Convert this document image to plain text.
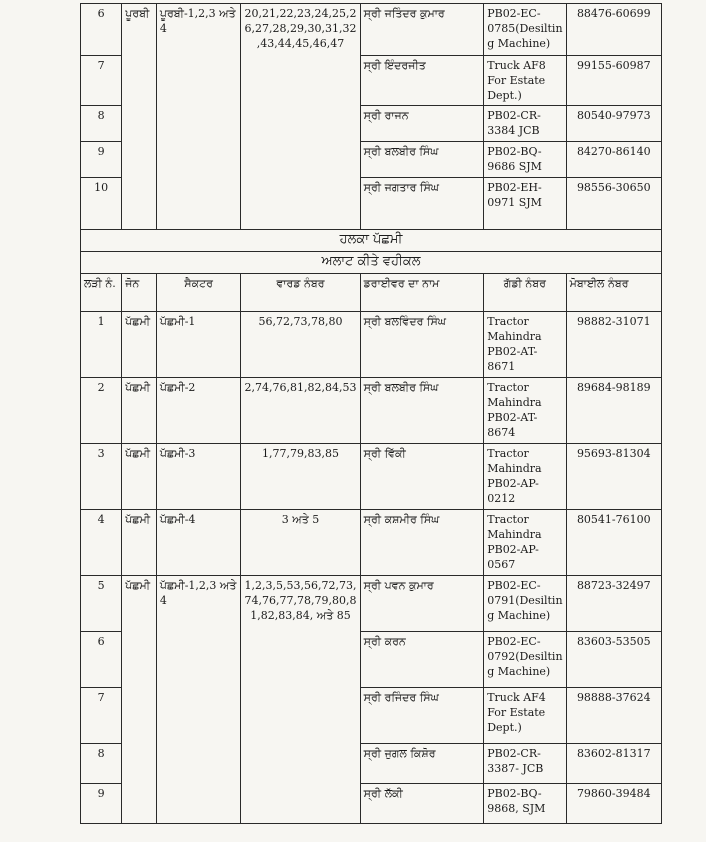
6	ਪੂਰਬੀ	ਪੂਰਬੀ-1,2,3 ਅਤੇ 4	20,21,22,23,24,25,26,27,28,29,30,31,32,43,44,45,46,47	ਸ੍ਰੀ ਜਤਿੰਦਰ ਕੁਮਾਰ	PB02-EC-0785(Desilting Machine)	88476-60699
7				ਸ੍ਰੀ ਇੰਦਰਜੀਤ	Truck AF8 For Estate Dept.)	99155-60987
8				ਸ੍ਰੀ ਰਾਜਨ	PB02-CR-3384 JCB	80540-97973
9				ਸ੍ਰੀ ਬਲਬੀਰ ਸਿੰਘ	PB02-BQ-9686 SJM	84270-86140
10				ਸ੍ਰੀ ਜਗਤਾਰ ਸਿੰਘ	PB02-EH-0971 SJM	98556-30650
ਹਲਕਾ ਪੱਛਮੀ						
ਅਲਾਟ ਕੀਤੇ ਵਹੀਕਲ						
ਲੜੀ ਨੰ.	ਜੋਨ	ਸੈਕਟਰ	ਵਾਰਡ ਨੰਬਰ	ਡਰਾਈਵਰ ਦਾ ਨਾਮ	ਗੱਡੀ ਨੰਬਰ	ਮੋਬਾਈਲ ਨੰਬਰ
1	ਪੱਛਮੀ	ਪੱਛਮੀ-1	56,72,73,78,80	ਸ੍ਰੀ ਬਲਵਿੰਦਰ ਸਿੰਘ	Tractor Mahindra PB02-AT-8671	98882-31071
2	ਪੱਛਮੀ	ਪੱਛਮੀ-2	2,74,76,81,82,84,53	ਸ੍ਰੀ ਬਲਬੀਰ ਸਿੰਘ	Tractor Mahindra PB02-AT-8674	89684-98189
3	ਪੱਛਮੀ	ਪੱਛਮੀ-3	1,77,79,83,85	ਸ੍ਰੀ ਵਿੱਕੀ	Tractor Mahindra PB02-AP-0212	95693-81304
4	ਪੱਛਮੀ	ਪੱਛਮੀ-4	3 ਅਤੇ 5	ਸ੍ਰੀ ਕਸ਼ਮੀਰ ਸਿੰਘ	Tractor Mahindra PB02-AP-0567	80541-76100
5	ਪੱਛਮੀ	ਪੱਛਮੀ-1,2,3 ਅਤੇ 4	1,2,3,5,53,56,72,73,74,76,77,78,79,80,81,82,83,84, ਅਤੇ 85	ਸ੍ਰੀ ਪਵਨ ਕੁਮਾਰ	PB02-EC-0791(Desilting Machine)	88723-32497
6				ਸ੍ਰੀ ਕਰਨ	PB02-EC-0792(Desilting Machine)	83603-53505
7				ਸ੍ਰੀ ਰਜਿੰਦਰ ਸਿੰਘ	Truck AF4 For Estate Dept.)	98888-37624
8				ਸ੍ਰੀ ਜੁਗਲ ਕਿਸ਼ੋਰ	PB02-CR-3387- JCB	83602-81317
9				ਸ੍ਰੀ ਲੱਕੀ	PB02-BQ-9868, SJM	79860-39484
